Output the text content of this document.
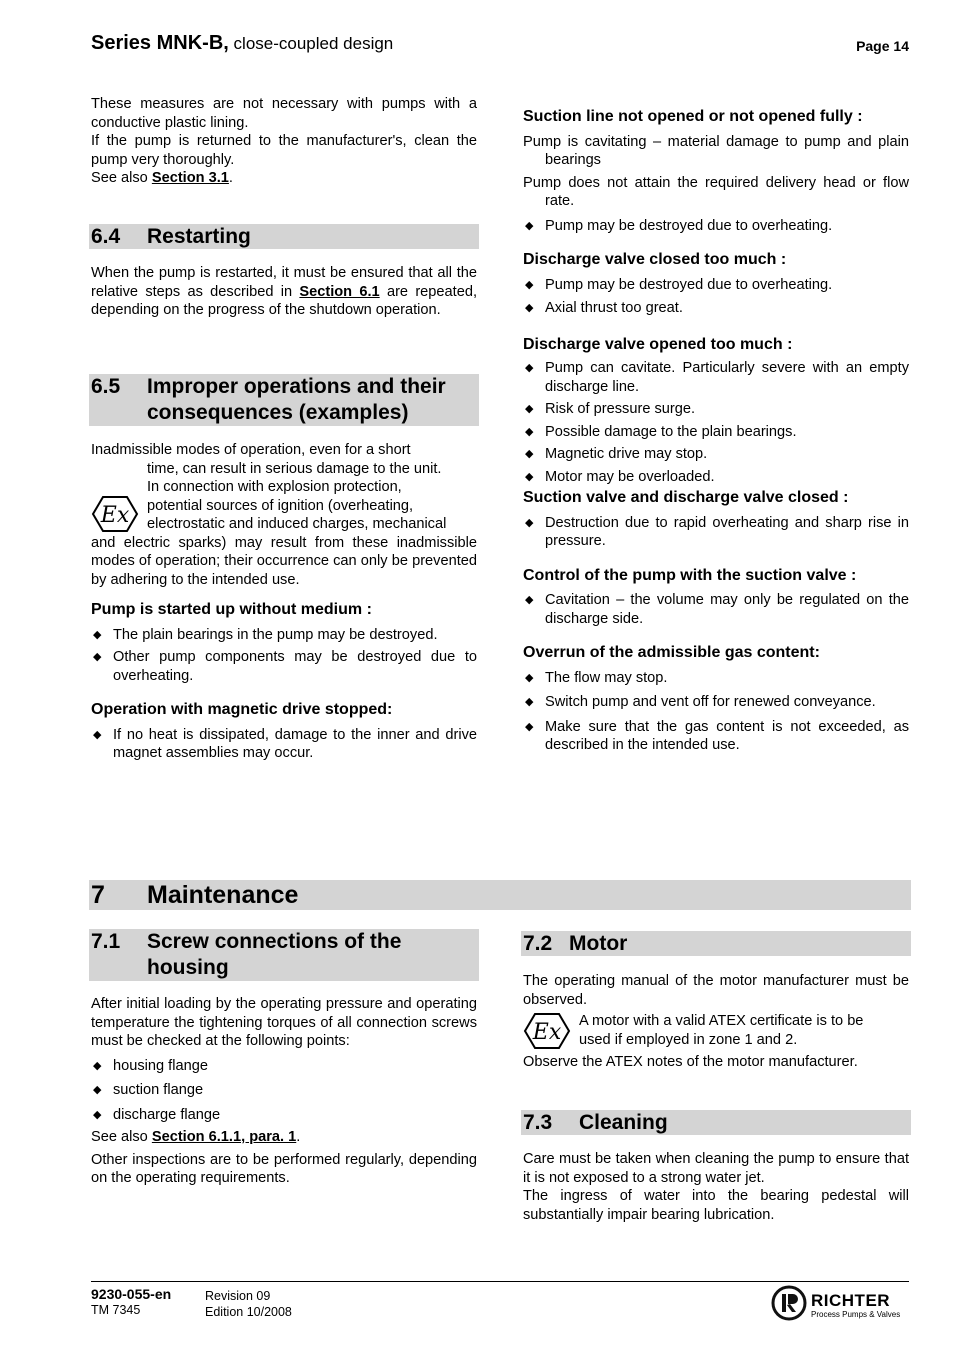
Series MNK-B, close-coupled design	Page 14

These measures are not necessary with pumps with a conductive plastic lining.

If the pump is returned to the manufacturer's, clean the pump very thoroughly.

See also Section 3.1.

6.4 Restarting

When the pump is restarted, it must be ensured that all the relative steps as described in Section 6.1 are repeated, depending on the progress of the shutdown operation.

6.5 Improper operations and their
consequences (examples)

Inadmissible modes of operation, even for a short

Ex

time, can result in serious damage to the unit.

In connection with explosion protection,

potential sources of ignition (overheating,

electrostatic and induced charges, mechanical

and electric sparks) may result from these inadmissible modes of operation; their occurrence can only be prevented by adhering to the intended use.

Pump is started up without medium :

◆ The plain bearings in the pump may be destroyed.

◆ Other pump components may be destroyed due to overheating.

Operation with magnetic drive stopped:

◆ If no heat is dissipated, damage to the inner and drive magnet assemblies may occur.

Suction line not opened or not opened fully :

Pump is cavitating – material damage to pump and plain bearings

Pump does not attain the required delivery head or flow rate.

◆ Pump may be destroyed due to overheating.

Discharge valve closed too much :

◆ Pump may be destroyed due to overheating.

◆ Axial thrust too great.

Discharge valve opened too much :

◆ Pump can cavitate. Particularly severe with an empty discharge line.

◆ Risk of pressure surge.

◆ Possible damage to the plain bearings.

◆ Magnetic drive may stop.

◆ Motor may be overloaded.

Suction valve and discharge valve closed :

◆ Destruction due to rapid overheating and sharp rise in pressure.

Control of the pump with the suction valve :

◆ Cavitation – the volume may only be regulated on the discharge side.

Overrun of the admissible gas content:

◆ The flow may stop.

◆ Switch pump and vent off for renewed conveyance.

◆ Make sure that the gas content is not exceeded, as described in the intended use.

7 Maintenance
7.1 Screw connections of the
housing

After initial loading by the operating pressure and operating temperature the tightening torques of all connection screws must be checked at the following points:

◆ housing flange

◆ suction flange

◆ discharge flange

See also Section 6.1.1, para. 1.

Other inspections are to be performed regularly, depending on the operating requirements.

7.2 Motor

The operating manual of the motor manufacturer must be observed.

Ex A motor with a valid ATEX certificate is to be

used if employed in zone 1 and 2.

Observe the ATEX notes of the motor manufacturer.

7.3 Cleaning

Care must be taken when cleaning the pump to ensure that it is not exposed to a strong water jet.

The ingress of water into the bearing pedestal will substantially impair bearing lubrication.

9230-055-en
TM 7345
Revision 09
Edition 10/2008
RICHTER
Process Pumps & Valves
